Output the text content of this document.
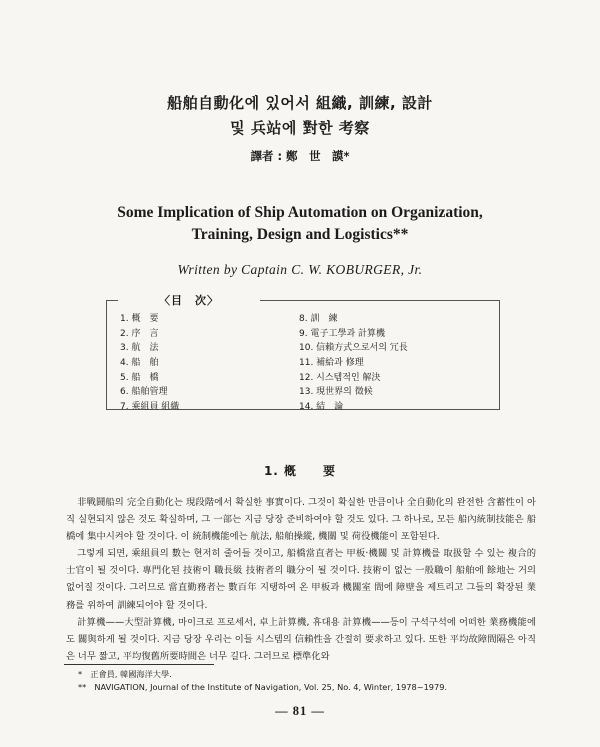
船舶自動化에 있어서 組織, 訓練, 設計
및 兵站에 對한 考察
譯者 : 鄭　世　謨*
Some Implication of Ship Automation on Organization,
Training, Design and Logistics**
Written by Captain C. W. KOBURGER, Jr.
〈目　次〉
1. 概　要
2. 序　言
3. 航　法
4. 船　舶
5. 船　橋
6. 船舶管理
7. 乘組員 組織
8. 訓　練
9. 電子工學과 計算機
10. 信賴方式으로서의 冗長
11. 補給과 修理
12. 시스템적인 解決
13. 現世界의 徵候
14. 結　論
1. 槪　　要

非戰鬪船의 完全自動化는 現段階에서 확실한 事實이다. 그것이 확실한 만큼이나 全自動化의 완전한 含蓄性이 아직 실현되지 않은 것도 확실하며, 그 一部는 지금 당장 준비하여야 할 것도 있다. 그 하나로, 모든 船內統制技能은 船橋에 集中시켜야 할 것이다. 이 統制機能에는 航法, 船舶操縱, 機關 및 荷役機能이 포함된다.

그렇게 되면, 乘組員의 數는 현저히 줄어들 것이고, 船橋當直者는 甲板·機關 및 計算機를 取扱할 수 있는 複合的 士官이 될 것이다. 專門化된 技術이 職長級 技術者의 職分이 될 것이다. 技術이 없는 一般職이 船舶에 餘地는 거의 없어질 것이다. 그러므로 當直勤務者는 數百年 지탱하여 온 甲板과 機關室 間에 障壁을 제트리고 그들의 확장된 業務를 위하여 訓練되어야 할 것이다.

計算機——大型計算機, 마이크로 프로세서, 卓上計算機, 휴대용 計算機——등이 구석구석에 어떠한 業務機能에도 關與하게 될 것이다. 지금 당장 우리는 이들 시스템의 信賴性을 간절히 要求하고 있다. 또한 平均故障間隔은 아직은 너무 짧고, 平均復舊所要時間은 너무 길다. 그러므로 標準化와

*　正會員, 韓國海洋大學.
**　NAVIGATION, Journal of the Institute of Navigation, Vol. 25, No. 4, Winter, 1978~1979.
— 81 —
